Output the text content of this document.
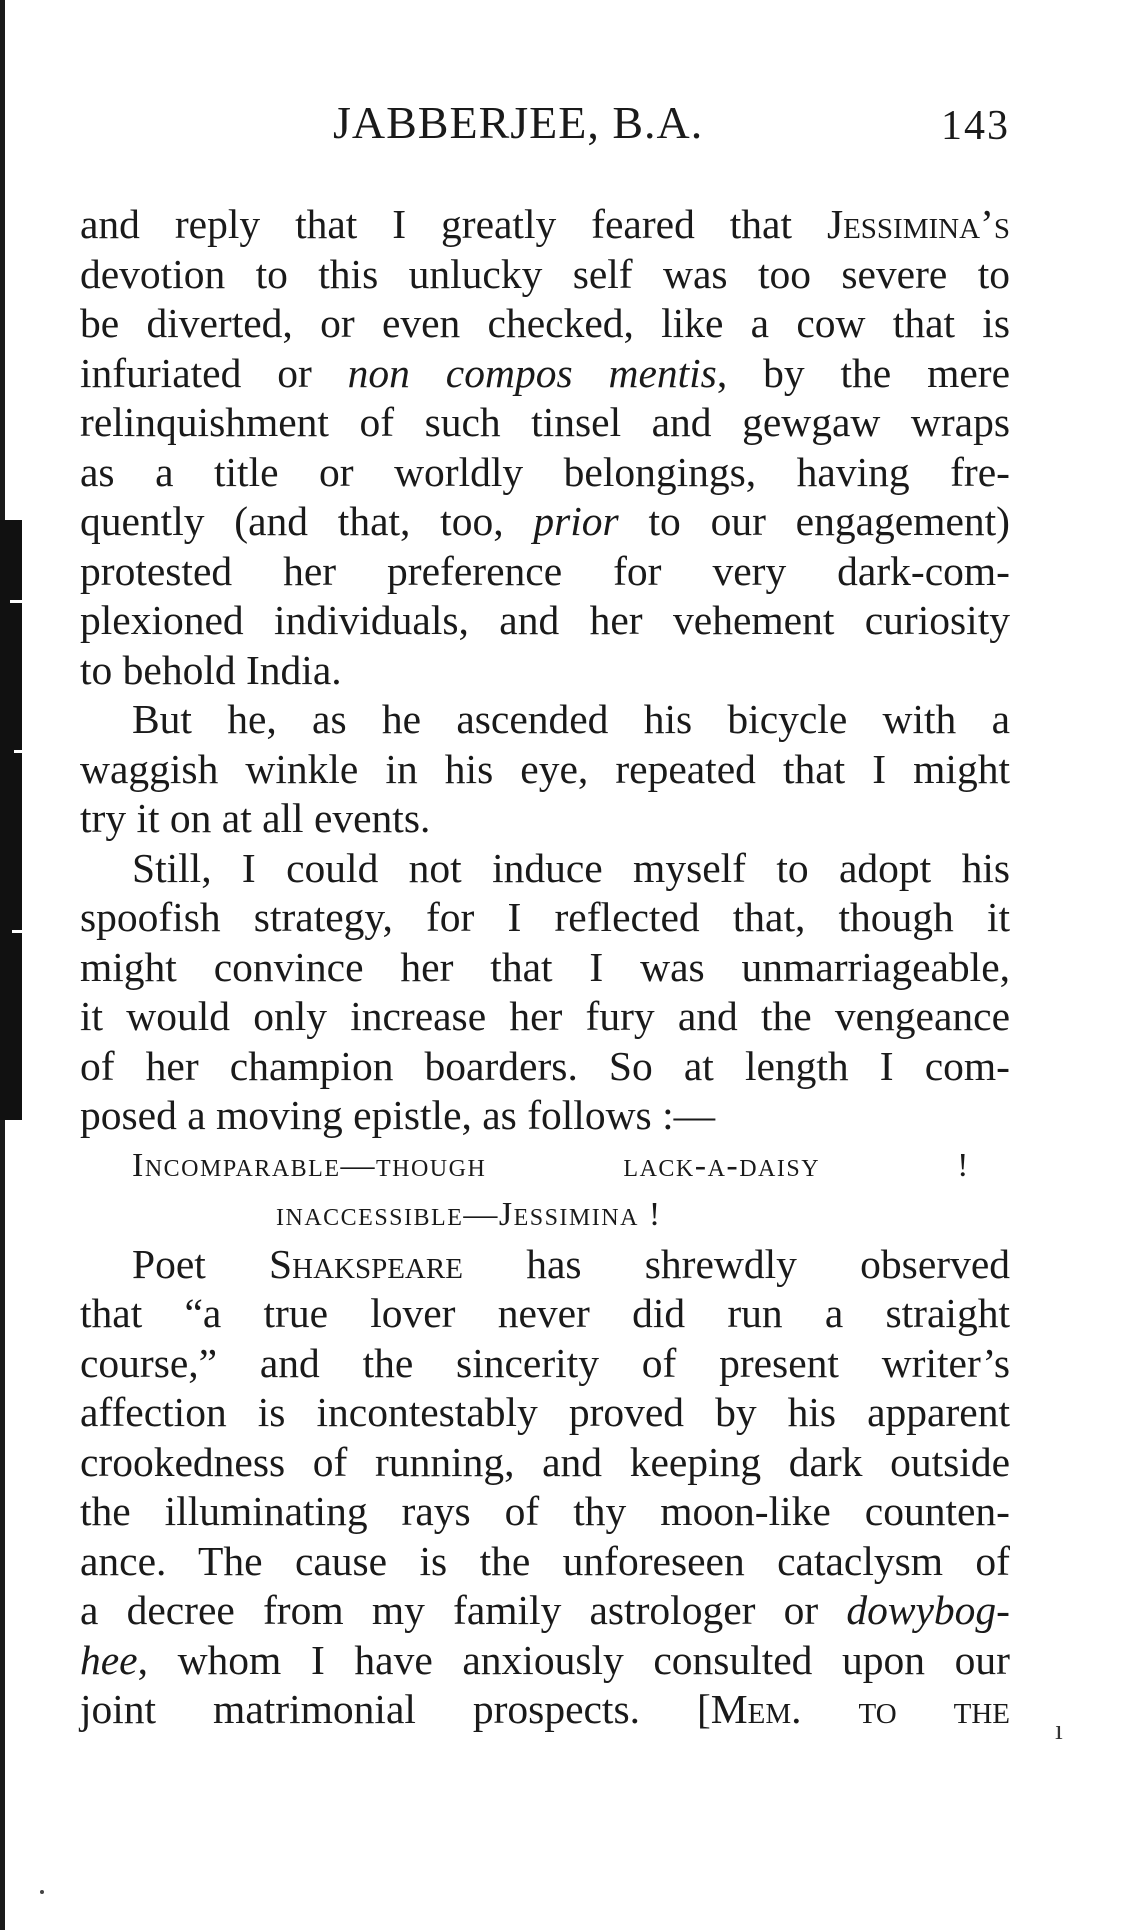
ı
JABBERJEE, B.A.	143
and reply that I greatly feared that Jessimina’s
devotion to this unlucky self was too severe to
be diverted, or even checked, like a cow that is
infuriated or non compos mentis, by the mere
relinquishment of such tinsel and gewgaw wraps
as a title or worldly belongings, having fre-
quently (and that, too, prior to our engagement)
protested her preference for very dark-com-
plexioned individuals, and her vehement curiosity
to behold India.
But he, as he ascended his bicycle with a
waggish winkle in his eye, repeated that I might
try it on at all events.
Still, I could not induce myself to adopt his
spoofish strategy, for I reflected that, though it
might convince her that I was unmarriageable,
it would only increase her fury and the vengeance
of her champion boarders. So at length I com-
posed a moving epistle, as follows :—
Incomparable—though lack-a-daisy !
inaccessible—Jessimina !
Poet Shakspeare has shrewdly observed
that “a true lover never did run a straight
course,” and the sincerity of present writer’s
affection is incontestably proved by his apparent
crookedness of running, and keeping dark outside
the illuminating rays of thy moon-like counten-
ance. The cause is the unforeseen cataclysm of
a decree from my family astrologer or dowybog-
hee, whom I have anxiously consulted upon our
joint matrimonial prospects. [Mem. to the
